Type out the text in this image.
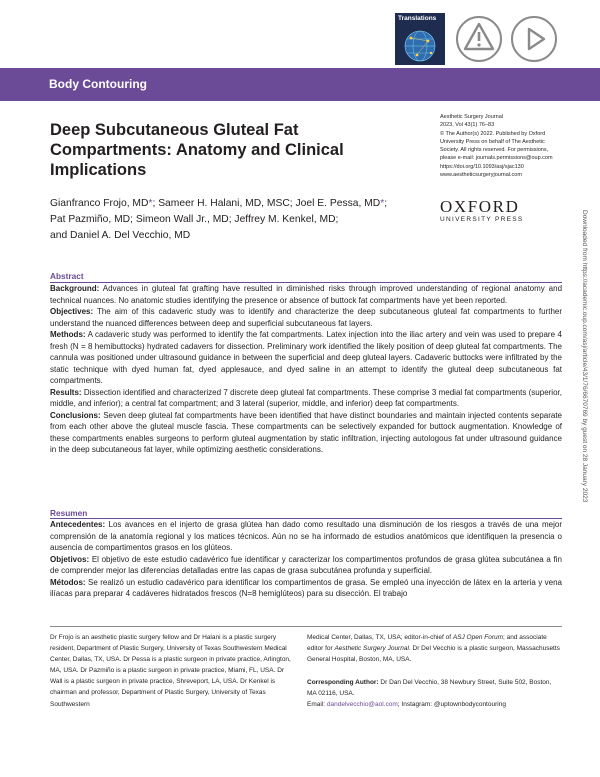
Translations
Body Contouring
Deep Subcutaneous Gluteal Fat Compartments: Anatomy and Clinical Implications
Aesthetic Surgery Journal
2023, Vol 43(1) 76–83
© The Author(s) 2022. Published by Oxford University Press on behalf of The Aesthetic Society. All rights reserved. For permissions, please e-mail: journals.permissions@oup.com
https://doi.org/10.1093/asj/sjac130
www.aestheticsurgeryjournal.com
OXFORD
UNIVERSITY PRESS
Gianfranco Frojo, MD*; Sameer H. Halani, MD, MSC; Joel E. Pessa, MD*;
Pat Pazmiño, MD; Simeon Wall Jr., MD; Jeffrey M. Kenkel, MD;
and Daniel A. Del Vecchio, MD	Downloaded from https://academic.oup.com/asj/article/43/1/76/6670769 by guest on 28 January 2023
Abstract

Background: Advances in gluteal fat grafting have resulted in diminished risks through improved understanding of regional anatomy and technical nuances. No anatomic studies identifying the presence or absence of buttock fat compartments have yet been reported.

Objectives: The aim of this cadaveric study was to identify and characterize the deep subcutaneous gluteal fat compartments to further understand the nuanced differences between deep and superficial subcutaneous fat layers.

Methods: A cadaveric study was performed to identify the fat compartments. Latex injection into the iliac artery and vein was used to prepare 4 fresh (N = 8 hemibuttocks) hydrated cadavers for dissection. Preliminary work identified the likely position of deep gluteal fat compartments. The cannula was positioned under ultrasound guidance in between the superficial and deep gluteal layers. Cadaveric buttocks were infiltrated by the static technique with dyed human fat, dyed applesauce, and dyed saline in an attempt to identify the gluteal deep subcutaneous fat compartments.

Results: Dissection identified and characterized 7 discrete deep gluteal fat compartments. These comprise 3 medial fat compartments (superior, middle, and inferior); a central fat compartment; and 3 lateral (superior, middle, and inferior) deep fat compartments.

Conclusions: Seven deep gluteal fat compartments have been identified that have distinct boundaries and maintain injected contents separate from each other above the gluteal muscle fascia. These compartments can be selectively expanded for buttock augmentation. Knowledge of these compartments enables surgeons to perform gluteal augmentation by static infiltration, injecting autologous fat under ultrasound guidance in the deep subcutaneous fat layer, while optimizing aesthetic considerations.

Resumen

Antecedentes: Los avances en el injerto de grasa glútea han dado como resultado una disminución de los riesgos a través de una mejor comprensión de la anatomía regional y los matices técnicos. Aún no se ha informado de estudios anatómicos que identifiquen la presencia o ausencia de compartimentos grasos en los glúteos.

Objetivos: El objetivo de este estudio cadavérico fue identificar y caracterizar los compartimentos profundos de grasa glútea subcutánea a fin de comprender mejor las diferencias detalladas entre las capas de grasa subcutánea profunda y superficial.

Métodos: Se realizó un estudio cadavérico para identificar los compartimentos de grasa. Se empleó una inyección de látex en la arteria y vena ilíacas para preparar 4 cadáveres hidratados frescos (N=8 hemiglúteos) para su disección. El trabajo

Dr Frojo is an aesthetic plastic surgery fellow and Dr Halani is a plastic surgery resident, Department of Plastic Surgery, University of Texas Southwestern Medical Center, Dallas, TX, USA. Dr Pessa is a plastic surgeon in private practice, Arlington, MA, USA. Dr Pazmiño is a plastic surgeon in private practice, Miami, FL, USA. Dr Wall is a plastic surgeon in private practice, Shreveport, LA, USA. Dr Kenkel is chairman and professor, Department of Plastic Surgery, University of Texas Southwestern
Medical Center, Dallas, TX, USA; editor-in-chief of ASJ Open Forum; and associate editor for Aesthetic Surgery Journal. Dr Del Vecchio is a plastic surgeon, Massachusetts General Hospital, Boston, MA, USA.
Corresponding Author: Dr Dan Del Vecchio, 38 Newbury Street, Suite 502, Boston, MA 02116, USA.
Email: dandelvecchio@aol.com; Instagram: @uptownbodycontouring
